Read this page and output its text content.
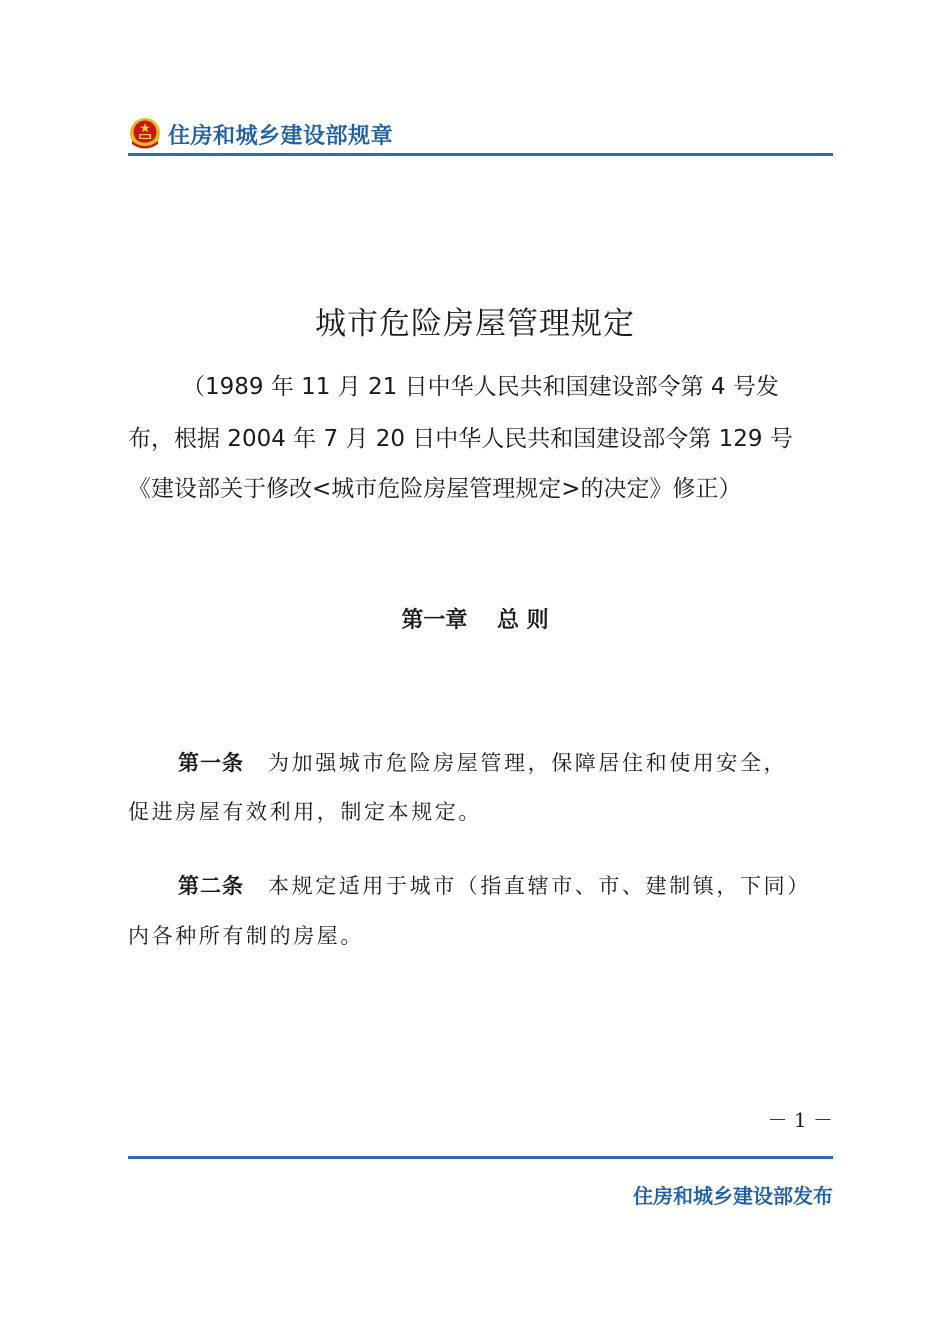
住房和城乡建设部规章
城市危险房屋管理规定
（1989 年 11 月 21 日中华人民共和国建设部令第 4 号发
布，根据 2004 年 7 月 20 日中华人民共和国建设部令第 129 号
《建设部关于修改<城市危险房屋管理规定>的决定》修正）
第一章　 总 则
第一条 为加强城市危险房屋管理，保障居住和使用安全，
促进房屋有效利用，制定本规定。
第二条 本规定适用于城市（指直辖市、市、建制镇，下同）
内各种所有制的房屋。
－ 1 －
住房和城乡建设部发布
